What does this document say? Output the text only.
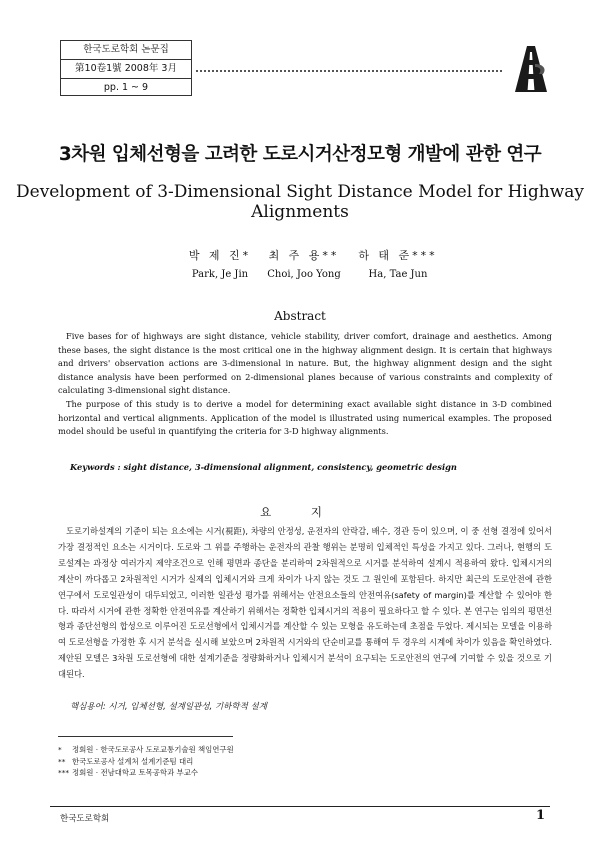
한국도로학회 논문집
第10卷1號 2008年 3月
pp. 1 ~ 9
3차원 입체선형을 고려한 도로시거산정모형 개발에 관한 연구
Development of 3-Dimensional Sight Distance Model for Highway Alignments
박 제 진*
Park, Je Jin
최 주 용**
Choi, Joo Yong
하 태 준***
Ha, Tae Jun
Abstract

Five bases for of highways are sight distance, vehicle stability, driver comfort, drainage and aesthetics. Among these bases, the sight distance is the most critical one in the highway alignment design. It is certain that highways and drivers' observation actions are 3-dimensional in nature. But, the highway alignment design and the sight distance analysis have been performed on 2-dimensional planes because of various constraints and complexity of calculating 3-dimensional sight distance.

The purpose of this study is to derive a model for determining exact available sight distance in 3-D combined horizontal and vertical alignments. Application of the model is illustrated using numerical examples. The proposed model should be useful in quantifying the criteria for 3-D highway alignments.

Keywords : sight distance, 3-dimensional alignment, consistency, geometric design
요 지

도로기하설계의 기준이 되는 요소에는 시거(視距), 차량의 안정성, 운전자의 안락감, 배수, 경관 등이 있으며, 이 중 선형 결정에 있어서 가장 결정적인 요소는 시거이다. 도로와 그 위를 주행하는 운전자의 관찰 행위는 분명히 입체적인 특성을 가지고 있다. 그러나, 현행의 도로설계는 과정상 여러가지 제약조건으로 인해 평면과 종단을 분리하여 2차원적으로 시거를 분석하여 설계시 적용하여 왔다. 입체시거의 계산이 까다롭고 2차원적인 시거가 실제의 입체시거와 크게 차이가 나지 않는 것도 그 원인에 포함된다. 하지만 최근의 도로안전에 관한 연구에서 도로일관성이 대두되었고, 이러한 일관성 평가를 위해서는 안전요소들의 안전여유(safety of margin)를 계산할 수 있어야 한다. 따라서 시거에 관한 정확한 안전여유를 계산하기 위해서는 정확한 입체시거의 적용이 필요하다고 할 수 있다. 본 연구는 임의의 평면선형과 종단선형의 합성으로 이루어진 도로선형에서 입체시거를 계산할 수 있는 모형을 유도하는데 초점을 두었다. 제시되는 모델을 이용하여 도로선형을 가정한 후 시거 분석을 실시해 보았으며 2차원적 시거와의 단순비교를 통해여 두 경우의 시계에 차이가 있음을 확인하였다. 제안된 모델은 3차원 도로선형에 대한 설계기준을 정량화하거나 입체시거 분석이 요구되는 도로안전의 연구에 기여할 수 있을 것으로 기대된다.

핵심용어: 시거, 입체선형, 설계일관성, 기하학적 설계
* 정회원 · 한국도로공사 도로교통기술원 책임연구원
** 한국도로공사 설계처 설계기준팀 대리
*** 정회원 · 전남대학교 토목공학과 부교수
한국도로학회	1
